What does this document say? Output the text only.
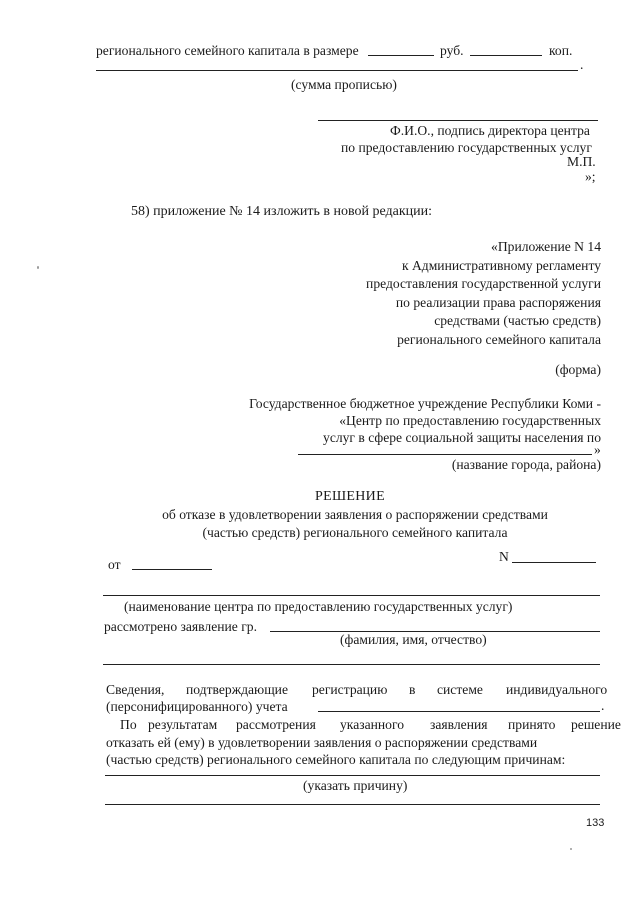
регионального семейного капитала в размере	руб.	коп.
.
(сумма прописью)
Ф.И.О., подпись директора центра
по предоставлению государственных услуг
М.П.
»;
58) приложение № 14 изложить в новой редакции:
«Приложение N 14
к Административному регламенту
предоставления государственной услуги
по реализации права распоряжения
средствами (частью средств)
регионального семейного капитала
(форма)
Государственное бюджетное учреждение Республики Коми -
«Центр по предоставлению государственных
услуг в сфере социальной защиты населения по
»
(название города, района)
РЕШЕНИЕ
об отказе в удовлетворении заявления о распоряжении средствами
(частью средств) регионального семейного капитала
от
N
(наименование центра по предоставлению государственных услуг)
рассмотрено заявление гр.
(фамилия, имя, отчество)
Сведения, подтверждающие регистрацию в системе индивидуального
(персонифицированного) учета	.
По результатам рассмотрения указанного заявления принято решение
отказать ей (ему) в удовлетворении заявления о распоряжении средствами
(частью средств) регионального семейного капитала по следующим причинам:
(указать причину)
133
